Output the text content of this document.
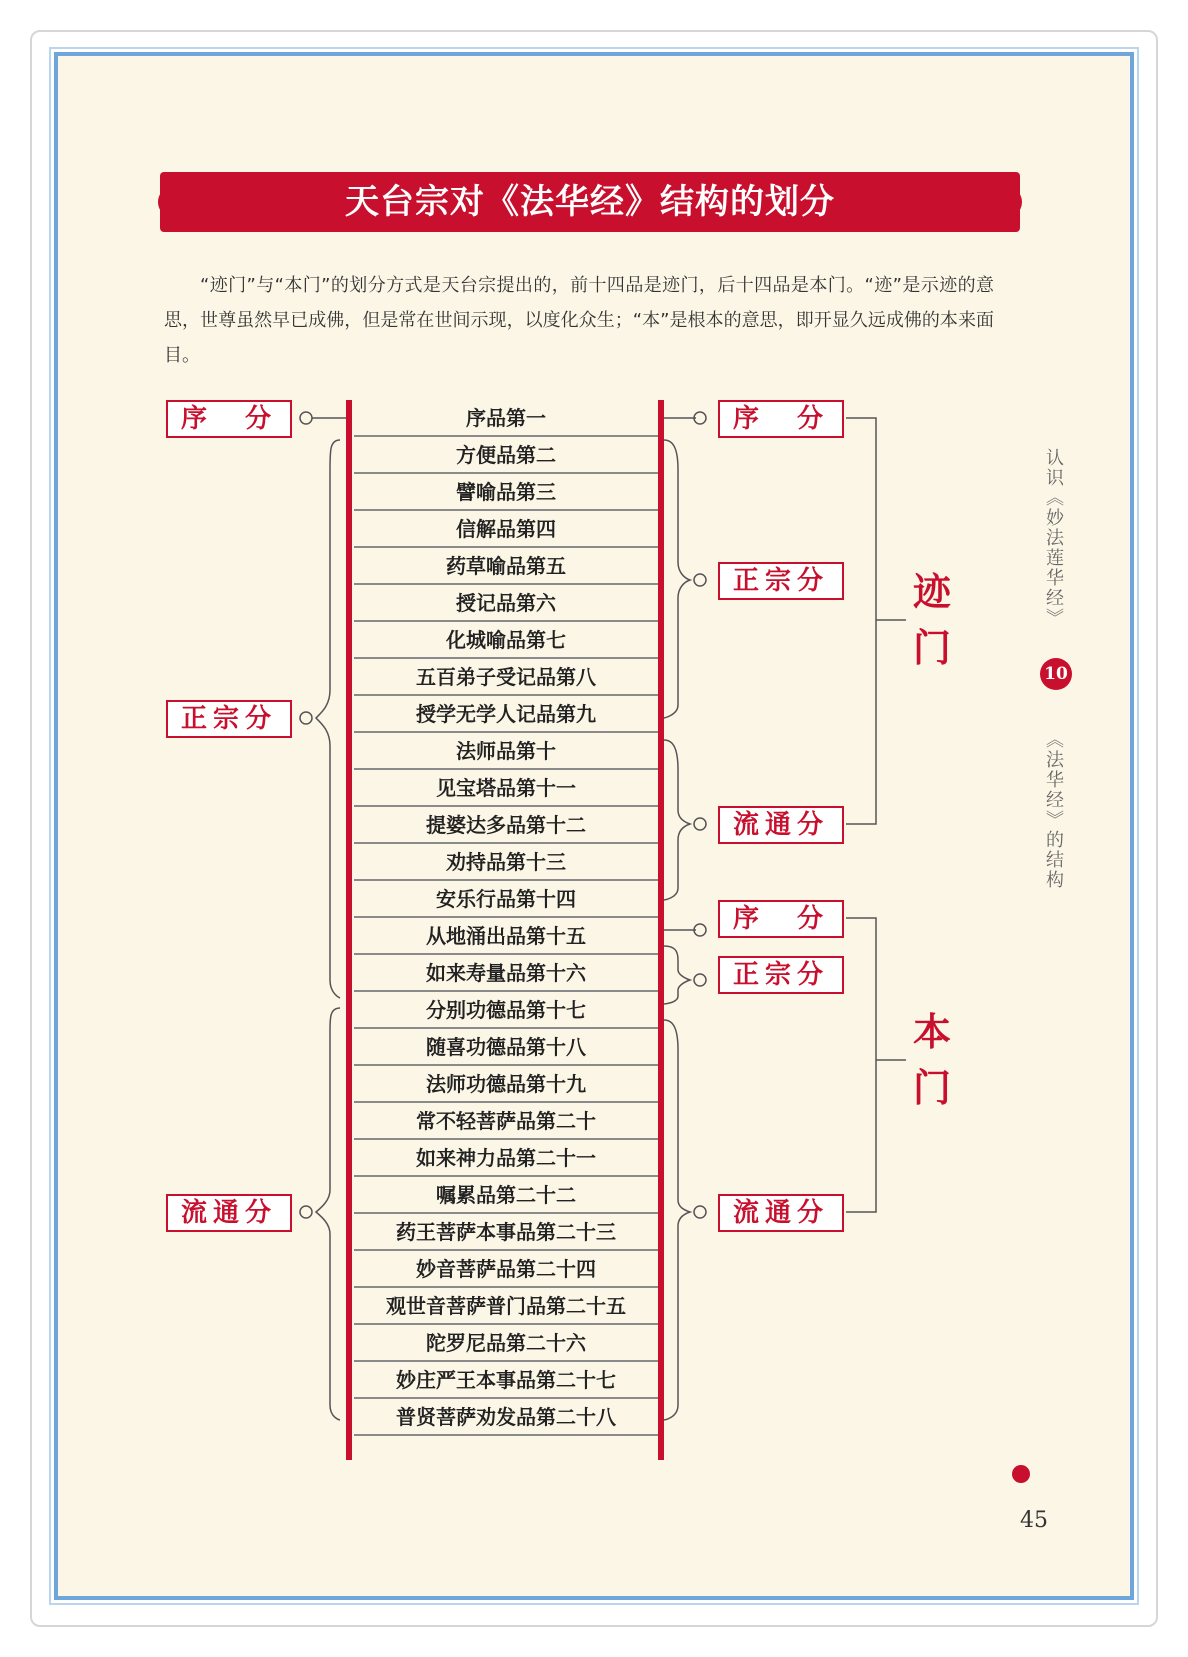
天台宗对《法华经》结构的划分

“迹门”与“本门”的划分方式是天台宗提出的，前十四品是迹门，后十四品是本门。“迹”是示迹的意思，世尊虽然早已成佛，但是常在世间示现，以度化众生；“本”是根本的意思，即开显久远成佛的本来面目。

序品第一
方便品第二
譬喻品第三
信解品第四
药草喻品第五
授记品第六
化城喻品第七
五百弟子受记品第八
授学无学人记品第九
法师品第十
见宝塔品第十一
提婆达多品第十二
劝持品第十三
安乐行品第十四
从地涌出品第十五
如来寿量品第十六
分别功德品第十七
随喜功德品第十八
法师功德品第十九
常不轻菩萨品第二十
如来神力品第二十一
嘱累品第二十二
药王菩萨本事品第二十三
妙音菩萨品第二十四
观世音菩萨普门品第二十五
陀罗尼品第二十六
妙庄严王本事品第二十七
普贤菩萨劝发品第二十八
序　分
正宗分
流通分
序　分
正宗分
流通分
序　分
正宗分
流通分
迹门
本门
认识《妙法莲华经》
10
《法华经》的结构
45
